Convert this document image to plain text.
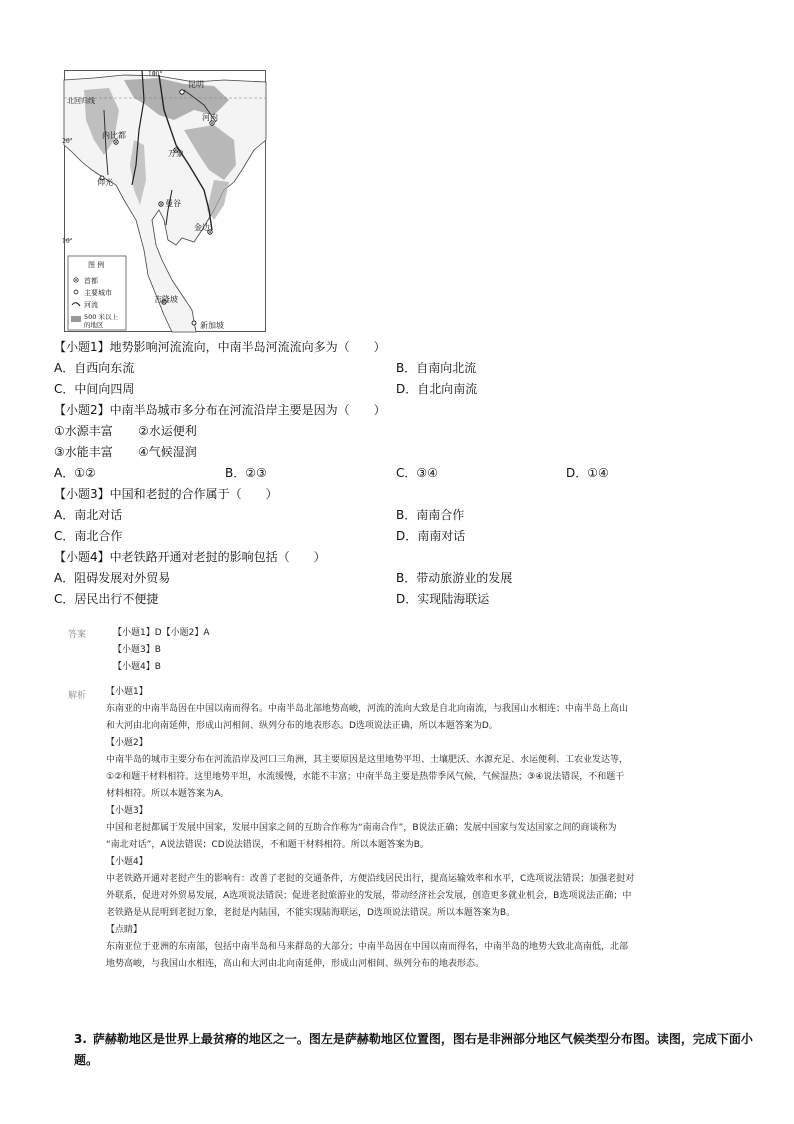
100°
20°
10°
北回归线
昆明
河内
内比都
万象
仰光
曼谷
金边
吉隆坡
新加坡
图 例
首都
主要城市
河流
500 米以上
的地区
【小题1】地势影响河流流向，中南半岛河流流向多为（　　）
A．自西向东流	B．自南向北流
C．中间向四周	D．自北向南流
【小题2】中南半岛城市多分布在河流沿岸主要是因为（　　）
①水源丰富 ②水运便利
③水能丰富 ④气候湿润
A．①②	B．②③	C．③④	D．①④
【小题3】中国和老挝的合作属于（　　）
A．南北对话	B．南南合作
C．南北合作	D．南南对话
【小题4】中老铁路开通对老挝的影响包括（　　）
A．阻碍发展对外贸易	B．带动旅游业的发展
C．居民出行不便捷	D．实现陆海联运
答案	【小题1】D【小题2】A
【小题3】B
【小题4】B
解析 【小题1】

东南亚的中南半岛因在中国以南而得名。中南半岛北部地势高峻，河流的流向大致是自北向南流，与我国山水相连；中南半岛上高山

和大河由北向南延伸，形成山河相间、纵列分布的地表形态。D选项说法正确，所以本题答案为D。

【小题2】

中南半岛的城市主要分布在河流沿岸及河口三角洲，其主要原因是这里地势平坦、土壤肥沃、水源充足、水运便利、工农业发达等，

①②和题干材料相符。这里地势平坦，水流缓慢，水能不丰富；中南半岛主要是热带季风气候，气候湿热；③④说法错误，不和题干

材料相符。所以本题答案为A。

【小题3】

中国和老挝都属于发展中国家，发展中国家之间的互助合作称为“南南合作”，B说法正确；发展中国家与发达国家之间的商谈称为

“南北对话”，A说法错误；CD说法错误，不和题干材料相符。所以本题答案为B。

【小题4】

中老铁路开通对老挝产生的影响有：改善了老挝的交通条件，方便沿线居民出行，提高运输效率和水平，C选项说法错误；加强老挝对

外联系，促进对外贸易发展，A选项说法错误；促进老挝旅游业的发展，带动经济社会发展，创造更多就业机会，B选项说法正确；中

老铁路是从昆明到老挝万象，老挝是内陆国，不能实现陆海联运，D选项说法错误。所以本题答案为B。

【点睛】

东南亚位于亚洲的东南部，包括中南半岛和马来群岛的大部分；中南半岛因在中国以南而得名，中南半岛的地势大致北高南低，北部

地势高峻，与我国山水相连，高山和大河由北向南延伸，形成山河相间、纵列分布的地表形态。

3. 萨赫勒地区是世界上最贫瘠的地区之一。图左是萨赫勒地区位置图，图右是非洲部分地区气候类型分布图。读图，完成下面小题。
